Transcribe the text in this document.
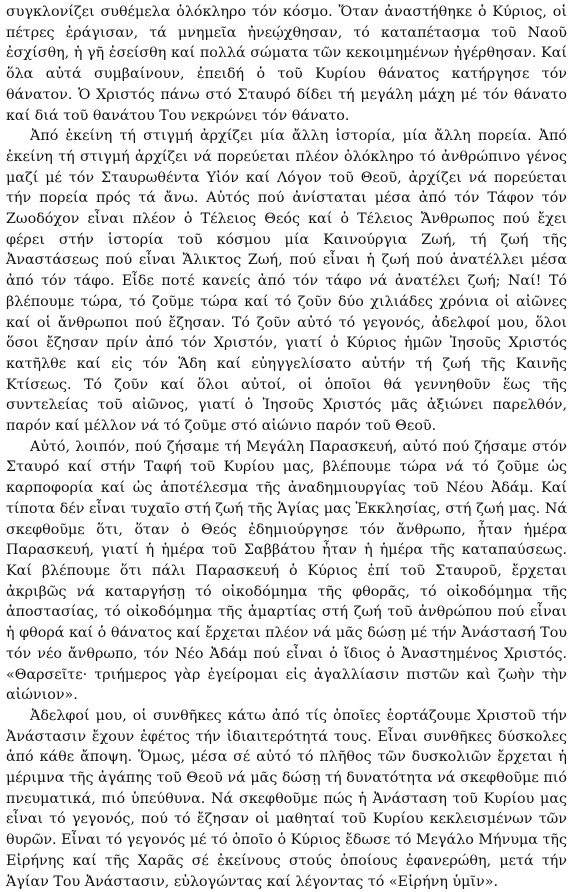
συγκλονίζει συθέμελα ὁλόκληρο τόν κόσμο. Ὅταν ἀναστήθηκε ὁ Κύριος, οἱ πέτρες ἐράγισαν, τά μνημεῖα ἠνεῴχθησαν, τό καταπέτασμα τοῦ Ναοῦ ἐσχίσθη, ἡ γῆ ἐσείσθη καί πολλά σώματα τῶν κεκοιμημένων ἠγέρθησαν. Καί ὅλα αὐτά συμβαίνουν, ἐπειδή ὁ τοῦ Κυρίου θάνατος κατήργησε τόν θάνατον. Ὁ Χριστός πάνω στό Σταυρό δίδει τή μεγάλη μάχη μέ τόν θάνατο καί διά τοῦ θανάτου Του νεκρώνει τόν θάνατο.

Ἀπό ἐκείνη τή στιγμή ἀρχίζει μία ἄλλη ἱστορία, μία ἄλλη πορεία. Ἀπό ἐκείνη τή στιγμή ἀρχίζει νά πορεύεται πλέον ὁλόκληρο τό ἀνθρώπινο γένος μαζί μέ τόν Σταυρωθέντα Υἱόν καί Λόγον τοῦ Θεοῦ, ἀρχίζει νά πορεύεται τήν πορεία πρός τά ἄνω. Αὐτός πού ἀνίσταται μέσα ἀπό τόν Τάφον τόν Ζωοδόχον εἶναι πλέον ὁ Τέλειος Θεός καί ὁ Τέλειος Ἄνθρωπος πού ἔχει φέρει στήν ἱστορία τοῦ κόσμου μία Καινούργια Ζωή, τή ζωή τῆς Ἀναστάσεως πού εἶναι Ἄλικτος Ζωή, πού εἶναι ἡ ζωή πού ἀνατέλλει μέσα ἀπό τόν τάφο. Εἶδε ποτέ κανείς ἀπό τόν τάφο νά ἀνατέλει ζωή; Ναί! Τό βλέπουμε τώρα, τό ζοῦμε τώρα καί τό ζοῦν δύο χιλιάδες χρόνια οἱ αἰῶνες καί οἱ ἄνθρωποι πού ἔζησαν. Τό ζοῦν αὐτό τό γεγονός, ἀδελφοί μου, ὅλοι ὅσοι ἔζησαν πρίν ἀπό τόν Χριστόν, γιατί ὁ Κύριος ἡμῶν Ἰησοῦς Χριστός κατῆλθε καί εἰς τόν Ἅδη καί εὐηγγελίσατο αὐτήν τή ζωή τῆς Καινῆς Κτίσεως. Τό ζοῦν καί ὅλοι αὐτοί, οἱ ὁποῖοι θά γεννηθοῦν ἕως τῆς συντελείας τοῦ αἰῶνος, γιατί ὁ Ἰησοῦς Χριστός μᾶς ἀξιώνει παρελθόν, παρόν καί μέλλον νά τό ζοῦμε στό αἰώνιο παρόν τοῦ Θεοῦ.

Αὐτό, λοιπόν, πού ζήσαμε τή Μεγάλη Παρασκευή, αὐτό πού ζήσαμε στόν Σταυρό καί στήν Ταφή τοῦ Κυρίου μας, βλέπουμε τώρα νά τό ζοῦμε ὡς καρποφορία καί ὡς ἀποτέλεσμα τῆς ἀναδημιουργίας τοῦ Νέου Ἀδάμ. Καί τίποτα δέν εἶναι τυχαῖο στή ζωή τῆς Ἁγίας μας Ἐκκλησίας, στή ζωή μας. Νά σκεφθοῦμε ὅτι, ὅταν ὁ Θεός ἐδημιούργησε τόν ἄνθρωπο, ἦταν ἡμέρα Παρασκευή, γιατί ἡ ἡμέρα τοῦ Σαββάτου ἦταν ἡ ἡμέρα τῆς καταπαύσεως. Καί βλέπουμε ὅτι πάλι Παρασκευή ὁ Κύριος ἐπί τοῦ Σταυροῦ, ἔρχεται ἀκριβῶς νά καταργήσῃ τό οἰκοδόμημα τῆς φθορᾶς, τό οἰκοδόμημα τῆς ἀποστασίας, τό οἰκοδόμημα τῆς ἁμαρτίας στή ζωή τοῦ ἀνθρώπου πού εἶναι ἡ φθορά καί ὁ θάνατος καί ἔρχεται πλέον νά μᾶς δώσῃ μέ τήν Ἀνάστασή Του τόν νέο ἄνθρωπο, τόν Νέο Ἀδάμ πού εἶναι ὁ ἴδιος ὁ Ἀναστημένος Χριστός. «Θαρσεῖτε· τριήμερος γὰρ ἐγείρομαι εἰς ἀγαλλίασιν πιστῶν καὶ ζωὴν τὴν αἰώνιον».

Ἀδελφοί μου, οἱ συνθῆκες κάτω ἀπό τίς ὁποῖες ἑορτάζουμε Χριστοῦ τήν Ἀνάστασιν ἔχουν ἐφέτος τήν ἰδιαιτερότητά τους. Εἶναι συνθῆκες δύσκολες ἀπό κάθε ἄποψη. Ὅμως, μέσα σέ αὐτό τό πλῆθος τῶν δυσκολιῶν ἔρχεται ἡ μέριμνα τῆς ἀγάπης τοῦ Θεοῦ νά μᾶς δώσῃ τή δυνατότητα νά σκεφθοῦμε πιό πνευματικά, πιό ὑπεύθυνα. Νά σκεφθοῦμε πώς ἡ Ἀνάσταση τοῦ Κυρίου μας εἶναι τό γεγονός, πού τό ἔζησαν οἱ μαθηταί τοῦ Κυρίου κεκλεισμένων τῶν θυρῶν. Εἶναι τό γεγονός μέ τό ὁποῖο ὁ Κύριος ἔδωσε τό Μεγάλο Μήνυμα τῆς Εἰρήνης καί τῆς Χαρᾶς σέ ἐκείνους στούς ὁποίους ἐφανερώθη, μετά τήν Ἁγίαν Του Ἀνάστασιν, εὐλογώντας καί λέγοντας τό «Εἰρήνη ὑμῖν».
